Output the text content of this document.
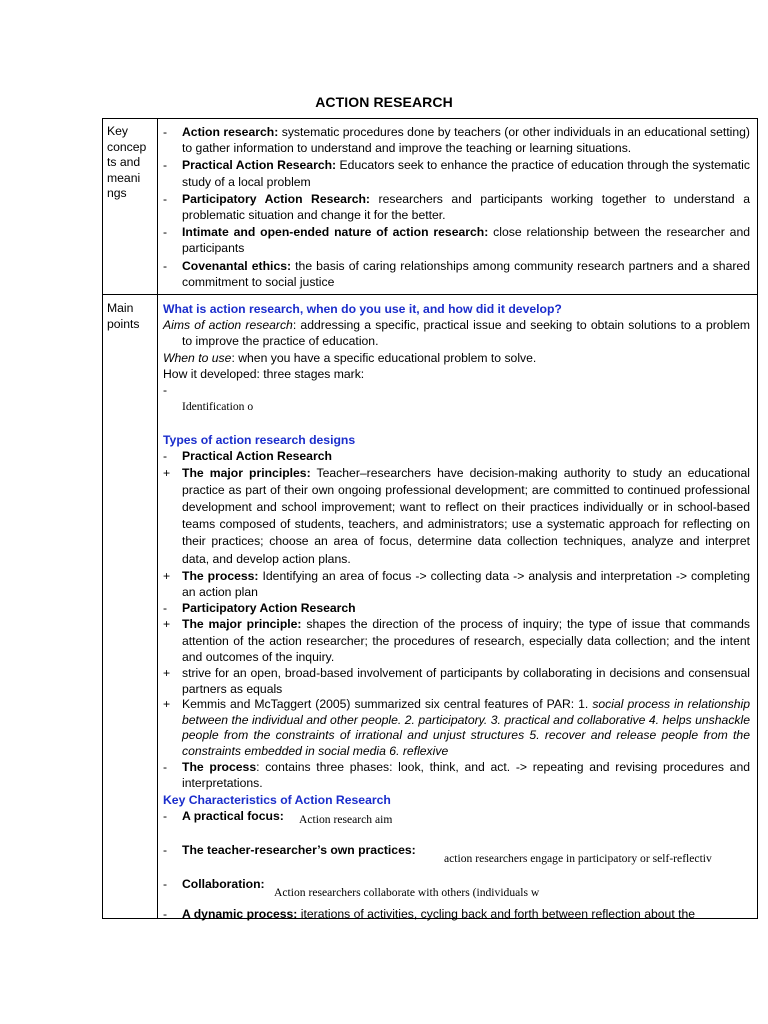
ACTION RESEARCH
Key
concep
ts and
meani
ngs
- Action research: systematic procedures done by teachers (or other individuals in an educational setting) to gather information to understand and improve the teaching or learning situations.
- Practical Action Research: Educators seek to enhance the practice of education through the systematic study of a local problem
- Participatory Action Research: researchers and participants working together to understand a problematic situation and change it for the better.
- Intimate and open-ended nature of action research: close relationship between the researcher and participants
- Covenantal ethics: the basis of caring relationships among community research partners and a shared commitment to social justice
Main
points
What is action research, when do you use it, and how did it develop?
Aims of action research: addressing a specific, practical issue and seeking to obtain solutions to a problem to improve the practice of education.
When to use: when you have a specific educational problem to solve.
How it developed: three stages mark:
-
Identification o
Types of action research designs
- Practical Action Research
+ The major principles: Teacher–researchers have decision-making authority to study an educational practice as part of their own ongoing professional development; are committed to continued professional development and school improvement; want to reflect on their practices individually or in school-based teams composed of students, teachers, and administrators; use a systematic approach for reflecting on their practices; choose an area of focus, determine data collection techniques, analyze and interpret data, and develop action plans.
+ The process: Identifying an area of focus -> collecting data -> analysis and interpretation -> completing an action plan
- Participatory Action Research
+ The major principle: shapes the direction of the process of inquiry; the type of issue that commands attention of the action researcher; the procedures of research, especially data collection; and the intent and outcomes of the inquiry.
+ strive for an open, broad-based involvement of participants by collaborating in decisions and consensual partners as equals
+ Kemmis and McTaggert (2005) summarized six central features of PAR: 1. social process in relationship between the individual and other people. 2. participatory. 3. practical and collaborative 4. helps unshackle people from the constraints of irrational and unjust structures 5. recover and release people from the constraints embedded in social media 6. reflexive
- The process: contains three phases: look, think, and act. -> repeating and revising procedures and interpretations.
Key Characteristics of Action Research
- A practical focus: Action research aim
- The teacher-researcher’s own practices:
action researchers engage in participatory or self-reflectiv
- Collaboration:
Action researchers collaborate with others (individuals w
- A dynamic process: iterations of activities, cycling back and forth between reflection about the
